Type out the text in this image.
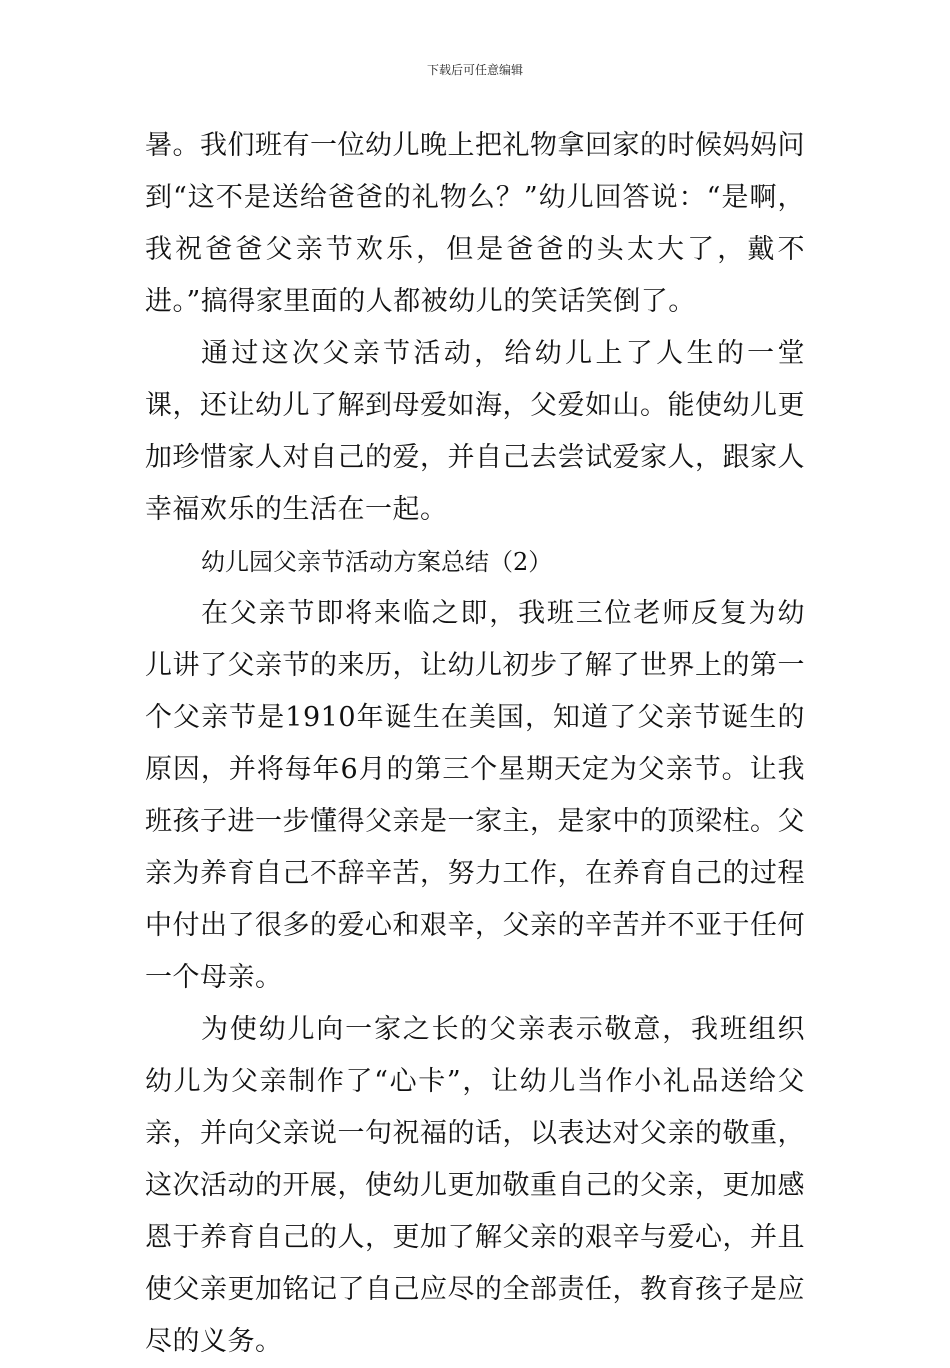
下载后可任意编辑

暑。我们班有一位幼儿晚上把礼物拿回家的时候妈妈问到“这不是送给爸爸的礼物么？”幼儿回答说：“是啊，我祝爸爸父亲节欢乐，但是爸爸的头太大了，戴不进。”搞得家里面的人都被幼儿的笑话笑倒了。

通过这次父亲节活动，给幼儿上了人生的一堂课，还让幼儿了解到母爱如海，父爱如山。能使幼儿更加珍惜家人对自己的爱，并自己去尝试爱家人，跟家人幸福欢乐的生活在一起。

幼儿园父亲节活动方案总结（2）

在父亲节即将来临之即，我班三位老师反复为幼儿讲了父亲节的来历，让幼儿初步了解了世界上的第一个父亲节是1910年诞生在美国，知道了父亲节诞生的原因，并将每年6月的第三个星期天定为父亲节。让我班孩子进一步懂得父亲是一家主，是家中的顶梁柱。父亲为养育自己不辞辛苦，努力工作，在养育自己的过程中付出了很多的爱心和艰辛，父亲的辛苦并不亚于任何一个母亲。

为使幼儿向一家之长的父亲表示敬意，我班组织幼儿为父亲制作了“心卡”，让幼儿当作小礼品送给父亲，并向父亲说一句祝福的话，以表达对父亲的敬重，这次活动的开展，使幼儿更加敬重自己的父亲，更加感恩于养育自己的人，更加了解父亲的艰辛与爱心，并且使父亲更加铭记了自己应尽的全部责任，教育孩子是应尽的义务。
